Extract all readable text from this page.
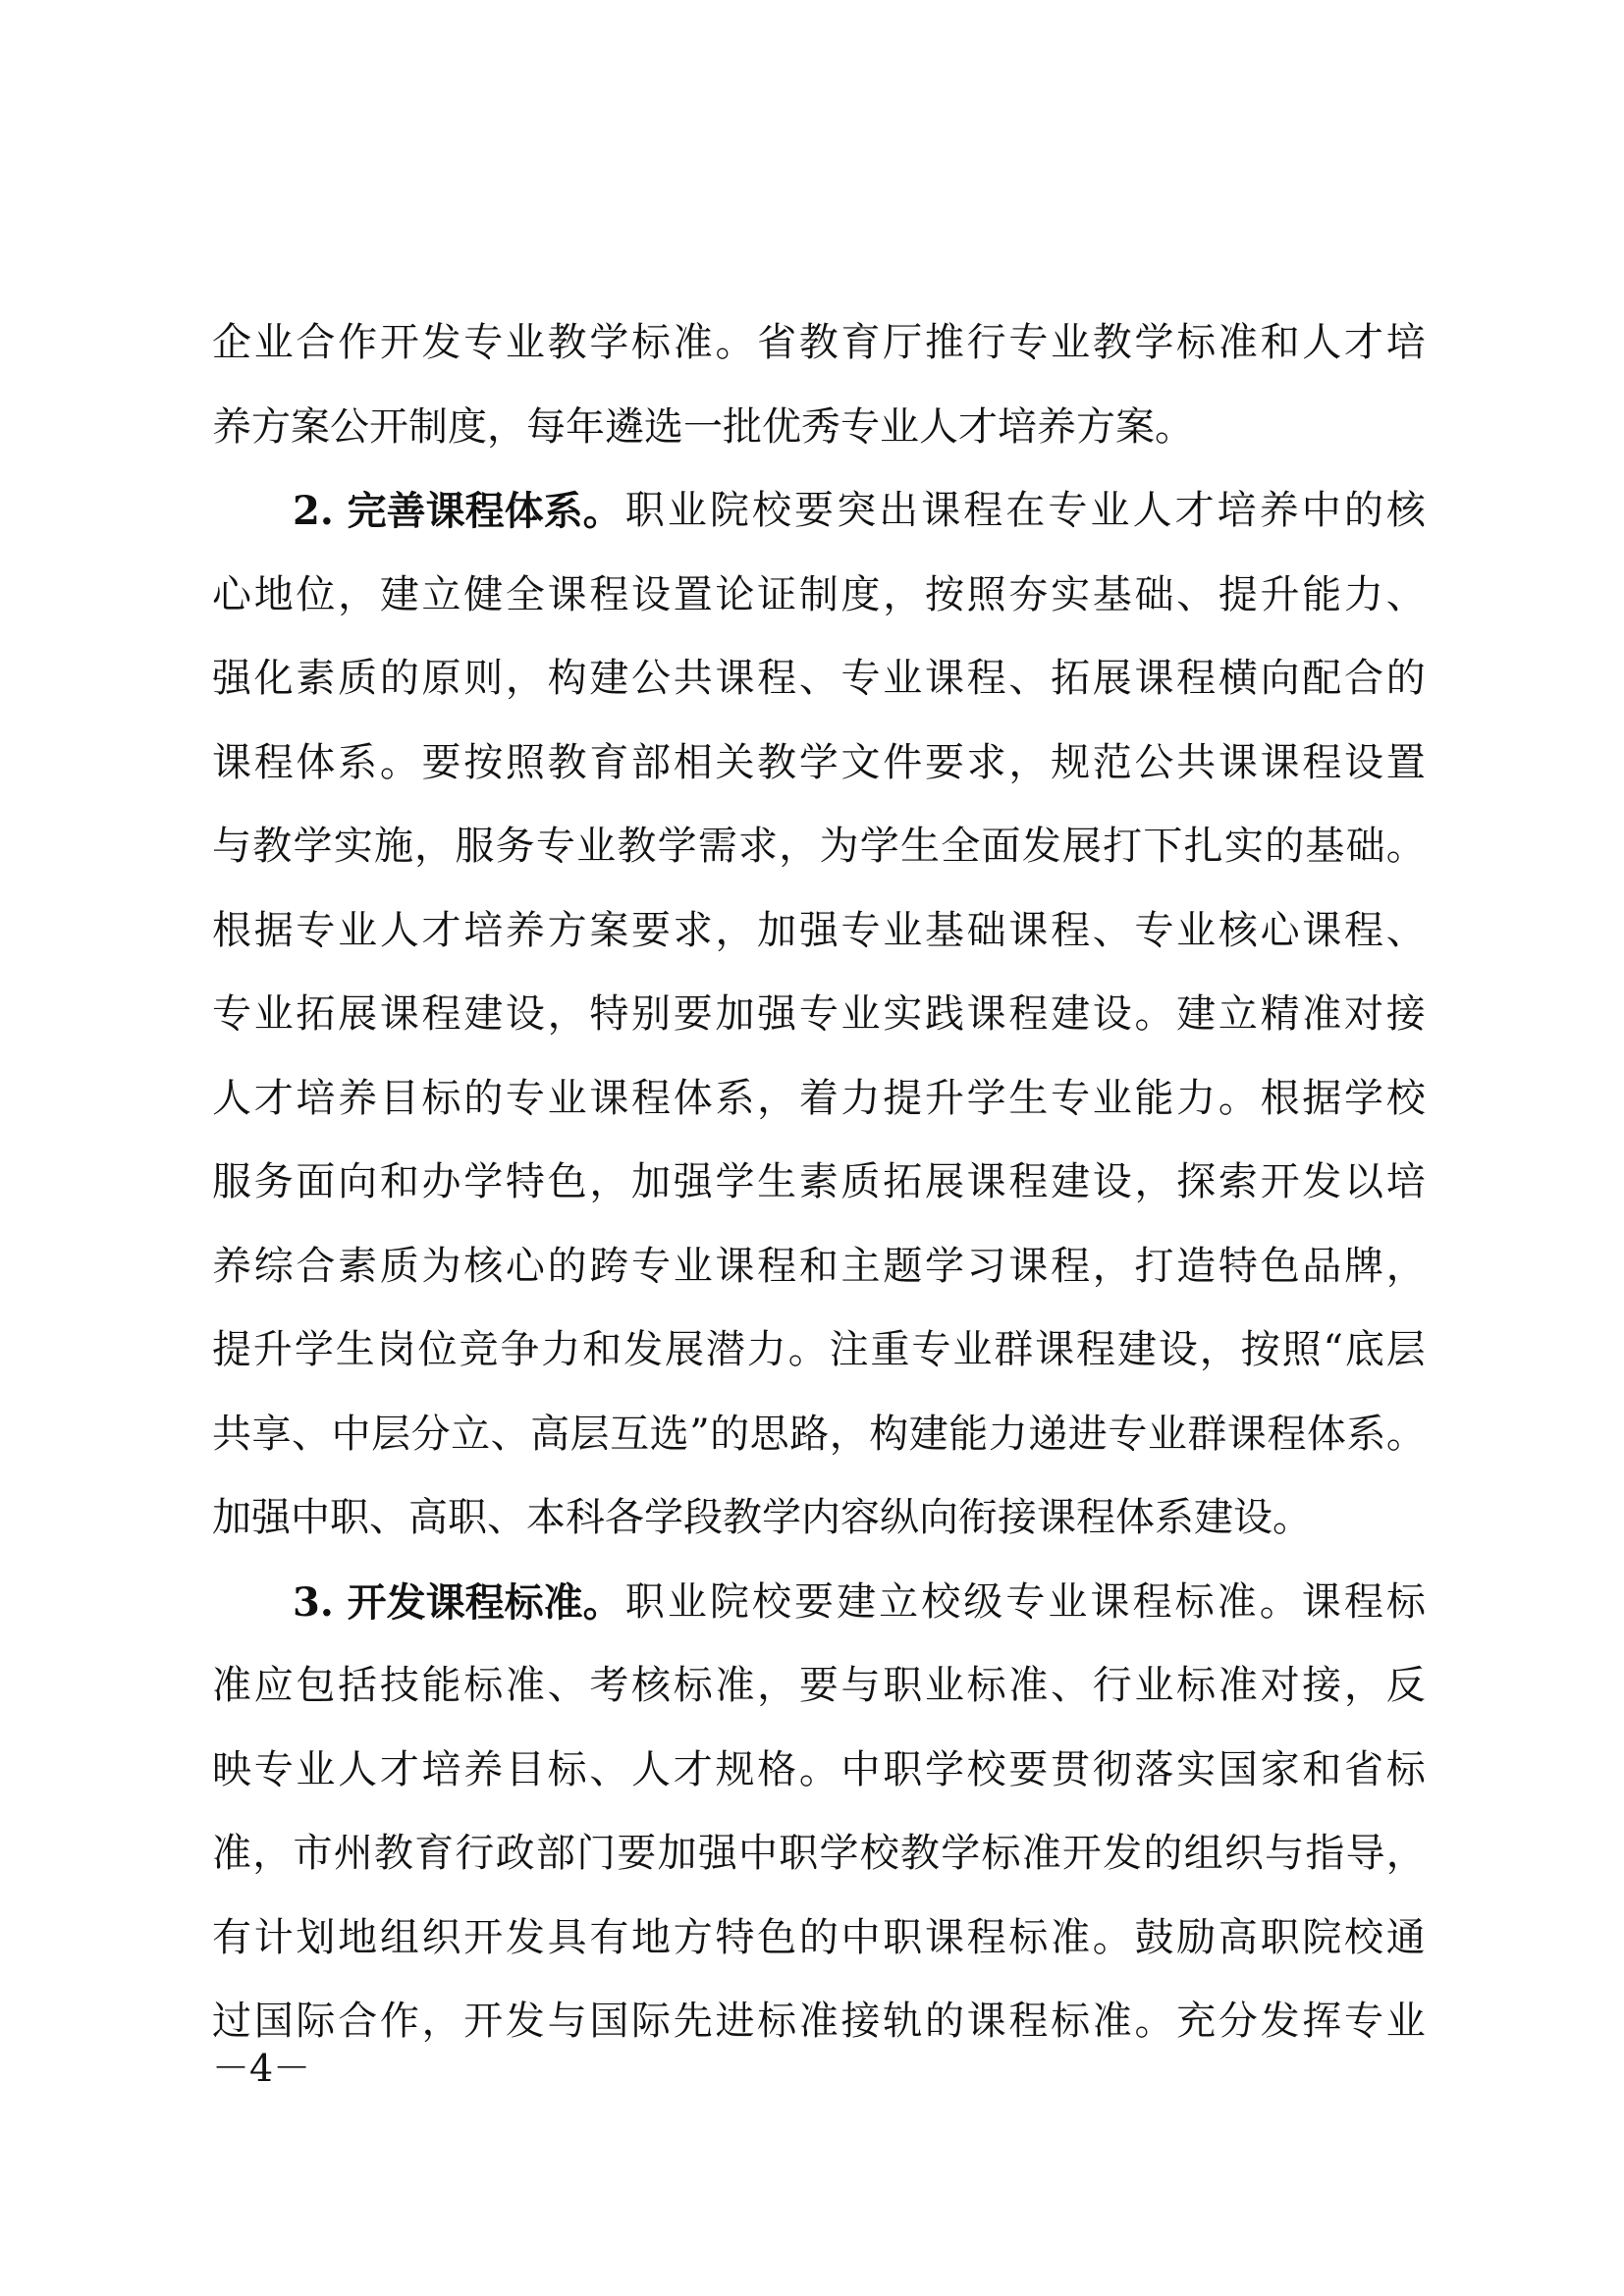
企 业 合 作 开 发 专 业 教 学 标 准 。 省 教 育 厅 推 行 专 业 教 学 标 准 和 人 才 培
养方案公开制度，每年遴选一批优秀专业人才培养方案。
2. 完善课程体系。 职 业 院 校 要 突 出 课 程 在 专 业 人 才 培 养 中 的 核
心 地 位 ， 建 立 健 全 课 程 设 置 论 证 制 度 ， 按 照 夯 实 基 础 、 提 升 能 力 、
强 化 素 质 的 原 则 ， 构 建 公 共 课 程 、 专 业 课 程 、 拓 展 课 程 横 向 配 合 的
课 程 体 系 。 要 按 照 教 育 部 相 关 教 学 文 件 要 求 ， 规 范 公 共 课 课 程 设 置
与 教 学 实 施 ， 服 务 专 业 教 学 需 求 ， 为 学 生 全 面 发 展 打 下 扎 实 的 基 础 。
根 据 专 业 人 才 培 养 方 案 要 求 ， 加 强 专 业 基 础 课 程 、 专 业 核 心 课 程 、
专 业 拓 展 课 程 建 设 ， 特 别 要 加 强 专 业 实 践 课 程 建 设 。 建 立 精 准 对 接
人 才 培 养 目 标 的 专 业 课 程 体 系 ， 着 力 提 升 学 生 专 业 能 力 。 根 据 学 校
服 务 面 向 和 办 学 特 色 ， 加 强 学 生 素 质 拓 展 课 程 建 设 ， 探 索 开 发 以 培
养 综 合 素 质 为 核 心 的 跨 专 业 课 程 和 主 题 学 习 课 程 ， 打 造 特 色 品 牌 ，
提 升 学 生 岗 位 竞 争 力 和 发 展 潜 力 。 注 重 专 业 群 课 程 建 设 ， 按 照 “ 底 层
共 享 、 中 层 分 立 、 高 层 互 选 ” 的 思 路 ， 构 建 能 力 递 进 专 业 群 课 程 体 系 。
加强中职、高职、本科各学段教学内容纵向衔接课程体系建设。
3. 开发课程标准。 职 业 院 校 要 建 立 校 级 专 业 课 程 标 准 。 课 程 标
准 应 包 括 技 能 标 准 、 考 核 标 准 ， 要 与 职 业 标 准 、 行 业 标 准 对 接 ， 反
映 专 业 人 才 培 养 目 标 、 人 才 规 格 。 中 职 学 校 要 贯 彻 落 实 国 家 和 省 标
准 ， 市 州 教 育 行 政 部 门 要 加 强 中 职 学 校 教 学 标 准 开 发 的 组 织 与 指 导 ，
有 计 划 地 组 织 开 发 具 有 地 方 特 色 的 中 职 课 程 标 准 。 鼓 励 高 职 院 校 通
过 国 际 合 作 ， 开 发 与 国 际 先 进 标 准 接 轨 的 课 程 标 准 。 充 分 发 挥 专 业
－4－
